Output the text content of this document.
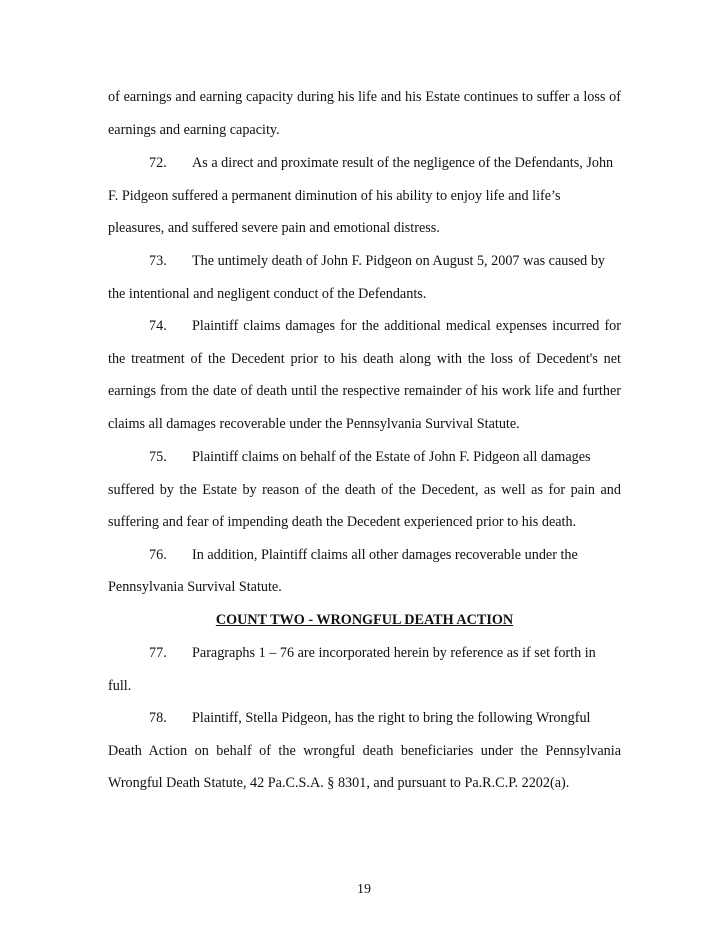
of earnings and earning capacity during his life and his Estate continues to suffer a loss of
earnings and earning capacity.
72. As a direct and proximate result of the negligence of the Defendants, John
F. Pidgeon suffered a permanent diminution of his ability to enjoy life and life’s
pleasures, and suffered severe pain and emotional distress.
73. The untimely death of John F. Pidgeon on August 5, 2007 was caused by
the intentional and negligent conduct of the Defendants.
74. Plaintiff claims damages for the additional medical expenses incurred for
the treatment of the Decedent prior to his death along with the loss of Decedent's net
earnings from the date of death until the respective remainder of his work life and further
claims all damages recoverable under the Pennsylvania Survival Statute.
75. Plaintiff claims on behalf of the Estate of John F. Pidgeon all damages
suffered by the Estate by reason of the death of the Decedent, as well as for pain and
suffering and fear of impending death the Decedent experienced prior to his death.
76. In addition, Plaintiff claims all other damages recoverable under the
Pennsylvania Survival Statute.
COUNT TWO - WRONGFUL DEATH ACTION
77. Paragraphs 1 – 76 are incorporated herein by reference as if set forth in
full.
78. Plaintiff, Stella Pidgeon, has the right to bring the following Wrongful
Death Action on behalf of the wrongful death beneficiaries under the Pennsylvania
Wrongful Death Statute, 42 Pa.C.S.A. § 8301, and pursuant to Pa.R.C.P. 2202(a).
19
